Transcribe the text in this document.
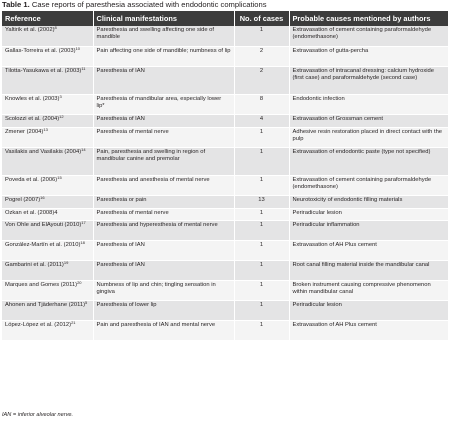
Table 1. Case reports of paresthesia associated with endodontic complications
Reference	Clinical manifestations	No. of cases	Probable causes mentioned by authors
Yaltirik et al. $(2002)^8$	Paresthesia and swelling affecting one side of mandible	1	Extravasation of cement containing paraformaldehyde (endomethasone)
Gallas-Torreira et al. $(2003)^{10}$	Pain affecting one side of mandible; numbness of lip	2	Extravasation of gutta-percha
Tilotta-Yasukawa et al. $(2003)^{11}$	Paresthesia of IAN	2	Extravasation of intracanal dressing: calcium hydroxide (first case) and paraformaldehyde (second case)
Knowles et al. $(2003)^3$	Paresthesia of mandibular area, especially lower lip*	8	Endodontic infection
Scolozzi et al. $(2004)^{12}$	Paresthesia of IAN	4	Extravasation of Grossman cement
Zmener $(2004)^{13}$	Paresthesia of mental nerve	1	Adhesive resin restoration placed in direct contact with the pulp
Vasilakis and Vasilakis $(2004)^{14}$	Pain, paresthesia and swelling in region of mandibular canine and premolar	1	Extravasation of endodontic paste (type not specified)
Poveda et al. $(2006)^{15}$	Paresthesia and anesthesia of mental nerve	1	Extravasation of cement containing paraformaldehyde (endomethasone)
Pogrel $(2007)^{16}$	Paresthesia or pain	13	Neurotoxicity of endodontic filling materials
Ozkan et al. (2008)4	Paresthesia of mental nerve	1	Periradicular lesion
Von Ohle and ElAyouti $(2010)^{17}$	Paresthesia and hyperesthesia of mental nerve	1	Periradicular inflammation
González-Martín et al. $(2010)^{18}$	Paresthesia of IAN	1	Extravasation of AH Plus cement
Gambarini et al. $(2011)^{19}$	Paresthesia of IAN	1	Root canal filling material inside the mandibular canal
Marques and Gomes $(2011)^{20}$	Numbness of lip and chin; tingling sensation in gingiva	1	Broken instrument causing compressive phenomenon within mandibular canal
Ahonen and Tjäderhane $(2011)^5$	Paresthesia of lower lip	1	Periradicular lesion
López-López et al. $(2012)^{21}$	Pain and paresthesia of IAN and mental nerve	1	Extravasation of AH Plus cement
IAN = inferior alveolar nerve.
